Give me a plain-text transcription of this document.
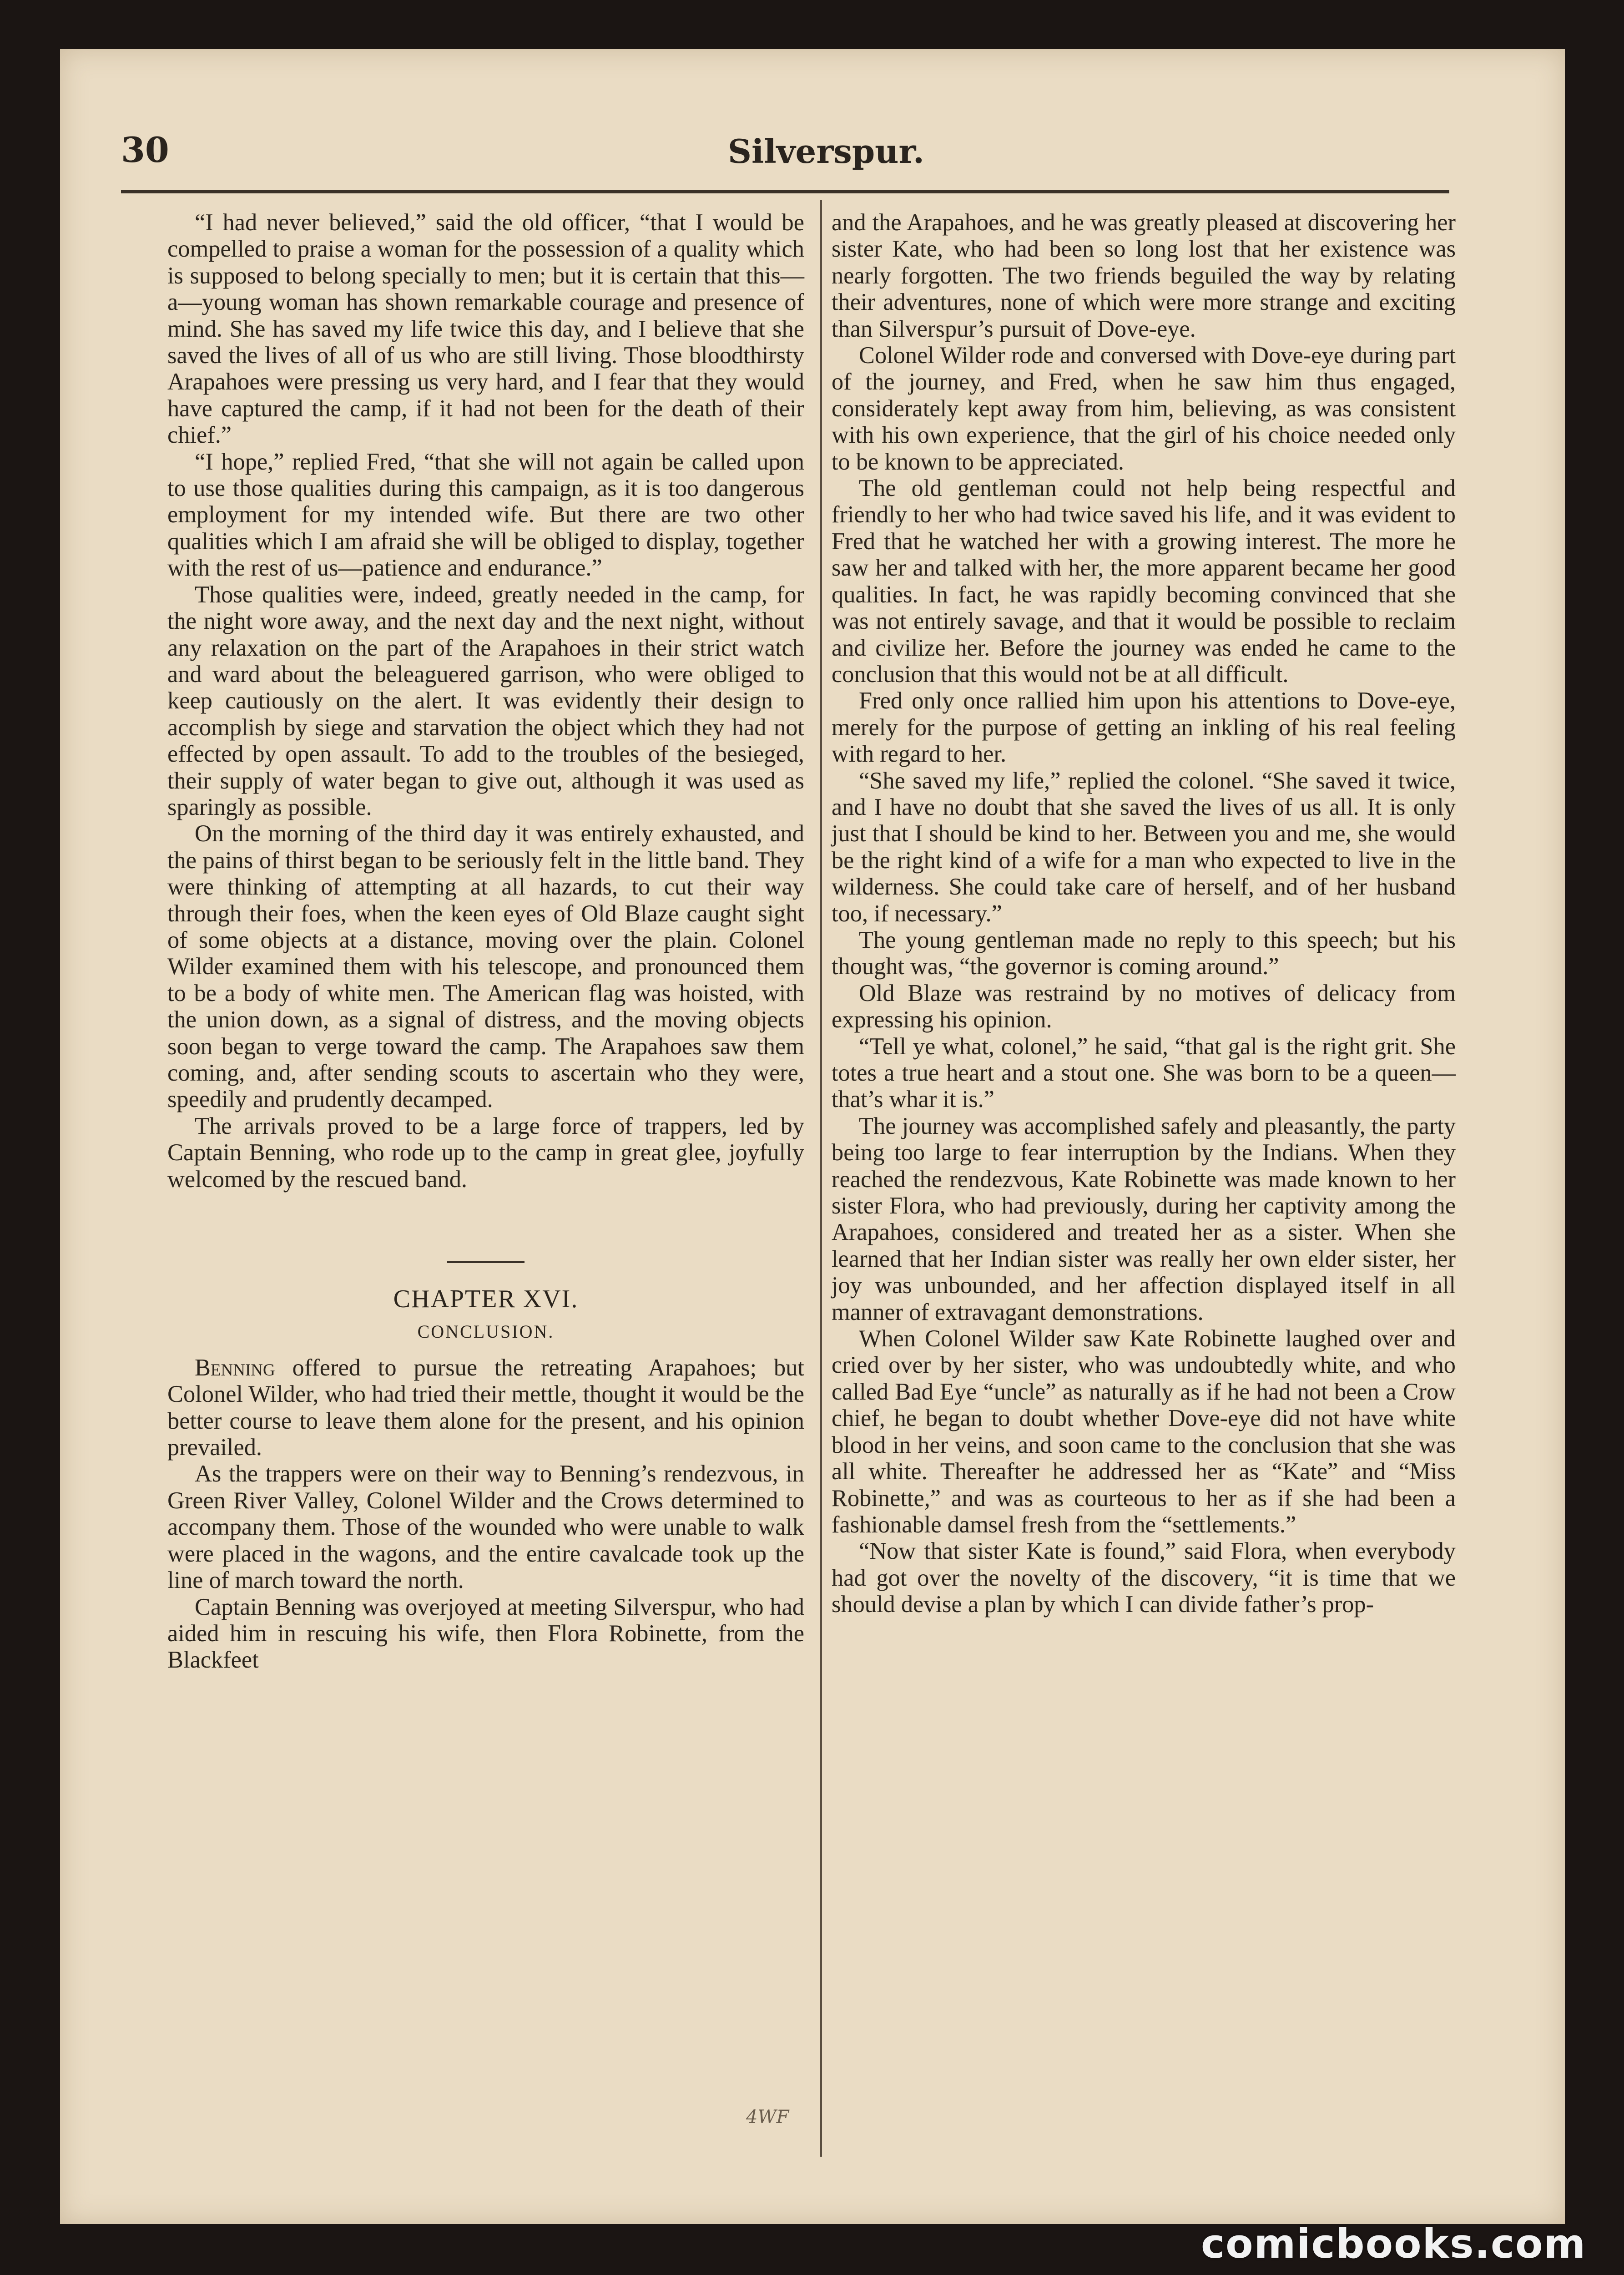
30	Silverspur.

“I had never believed,” said the old officer, “that I would be compelled to praise a woman for the possession of a quality which is supposed to belong specially to men; but it is certain that this—a—young woman has shown remarkable courage and presence of mind. She has saved my life twice this day, and I believe that she saved the lives of all of us who are still living. Those bloodthirsty Arapahoes were pressing us very hard, and I fear that they would have captured the camp, if it had not been for the death of their chief.”

“I hope,” replied Fred, “that she will not again be called upon to use those qualities during this campaign, as it is too dangerous employment for my intended wife. But there are two other qualities which I am afraid she will be obliged to display, together with the rest of us—patience and endurance.”

Those qualities were, indeed, greatly needed in the camp, for the night wore away, and the next day and the next night, without any relaxation on the part of the Arapahoes in their strict watch and ward about the beleaguered garrison, who were obliged to keep cautiously on the alert. It was evidently their design to accomplish by siege and starvation the object which they had not effected by open assault. To add to the troubles of the besieged, their supply of water began to give out, although it was used as sparingly as possible.

On the morning of the third day it was entirely exhausted, and the pains of thirst began to be seriously felt in the little band. They were thinking of attempting at all hazards, to cut their way through their foes, when the keen eyes of Old Blaze caught sight of some objects at a distance, moving over the plain. Colonel Wilder examined them with his telescope, and pronounced them to be a body of white men. The American flag was hoisted, with the union down, as a signal of distress, and the moving objects soon began to verge toward the camp. The Arapahoes saw them coming, and, after sending scouts to ascertain who they were, speedily and prudently decamped.

The arrivals proved to be a large force of trappers, led by Captain Benning, who rode up to the camp in great glee, joyfully welcomed by the rescued band.

CHAPTER XVI.
CONCLUSION.

Benning offered to pursue the retreating Arapahoes; but Colonel Wilder, who had tried their mettle, thought it would be the better course to leave them alone for the present, and his opinion prevailed.

As the trappers were on their way to Benning’s rendezvous, in Green River Valley, Colonel Wilder and the Crows determined to accompany them. Those of the wounded who were unable to walk were placed in the wagons, and the entire cavalcade took up the line of march toward the north.

Captain Benning was overjoyed at meeting Silverspur, who had aided him in rescuing his wife, then Flora Robinette, from the Blackfeet

and the Arapahoes, and he was greatly pleased at discovering her sister Kate, who had been so long lost that her existence was nearly forgotten. The two friends beguiled the way by relating their adventures, none of which were more strange and exciting than Silverspur’s pursuit of Dove-eye.

Colonel Wilder rode and conversed with Dove-eye during part of the journey, and Fred, when he saw him thus engaged, considerately kept away from him, believing, as was consistent with his own experience, that the girl of his choice needed only to be known to be appreciated.

The old gentleman could not help being respectful and friendly to her who had twice saved his life, and it was evident to Fred that he watched her with a growing interest. The more he saw her and talked with her, the more apparent became her good qualities. In fact, he was rapidly becoming convinced that she was not entirely savage, and that it would be possible to reclaim and civilize her. Before the journey was ended he came to the conclusion that this would not be at all difficult.

Fred only once rallied him upon his attentions to Dove-eye, merely for the purpose of getting an inkling of his real feeling with regard to her.

“She saved my life,” replied the colonel. “She saved it twice, and I have no doubt that she saved the lives of us all. It is only just that I should be kind to her. Between you and me, she would be the right kind of a wife for a man who expected to live in the wilderness. She could take care of herself, and of her husband too, if necessary.”

The young gentleman made no reply to this speech; but his thought was, “the governor is coming around.”

Old Blaze was restraind by no motives of delicacy from expressing his opinion.

“Tell ye what, colonel,” he said, “that gal is the right grit. She totes a true heart and a stout one. She was born to be a queen—that’s whar it is.”

The journey was accomplished safely and pleasantly, the party being too large to fear interruption by the Indians. When they reached the rendezvous, Kate Robinette was made known to her sister Flora, who had previously, during her captivity among the Arapahoes, considered and treated her as a sister. When she learned that her Indian sister was really her own elder sister, her joy was unbounded, and her affection displayed itself in all manner of extravagant demonstrations.

When Colonel Wilder saw Kate Robinette laughed over and cried over by her sister, who was undoubtedly white, and who called Bad Eye “uncle” as naturally as if he had not been a Crow chief, he began to doubt whether Dove-eye did not have white blood in her veins, and soon came to the conclusion that she was all white. Thereafter he addressed her as “Kate” and “Miss Robinette,” and was as courteous to her as if she had been a fashionable damsel fresh from the “settlements.”

“Now that sister Kate is found,” said Flora, when everybody had got over the novelty of the discovery, “it is time that we should devise a plan by which I can divide father’s prop-

4WF
comicbooks.com
